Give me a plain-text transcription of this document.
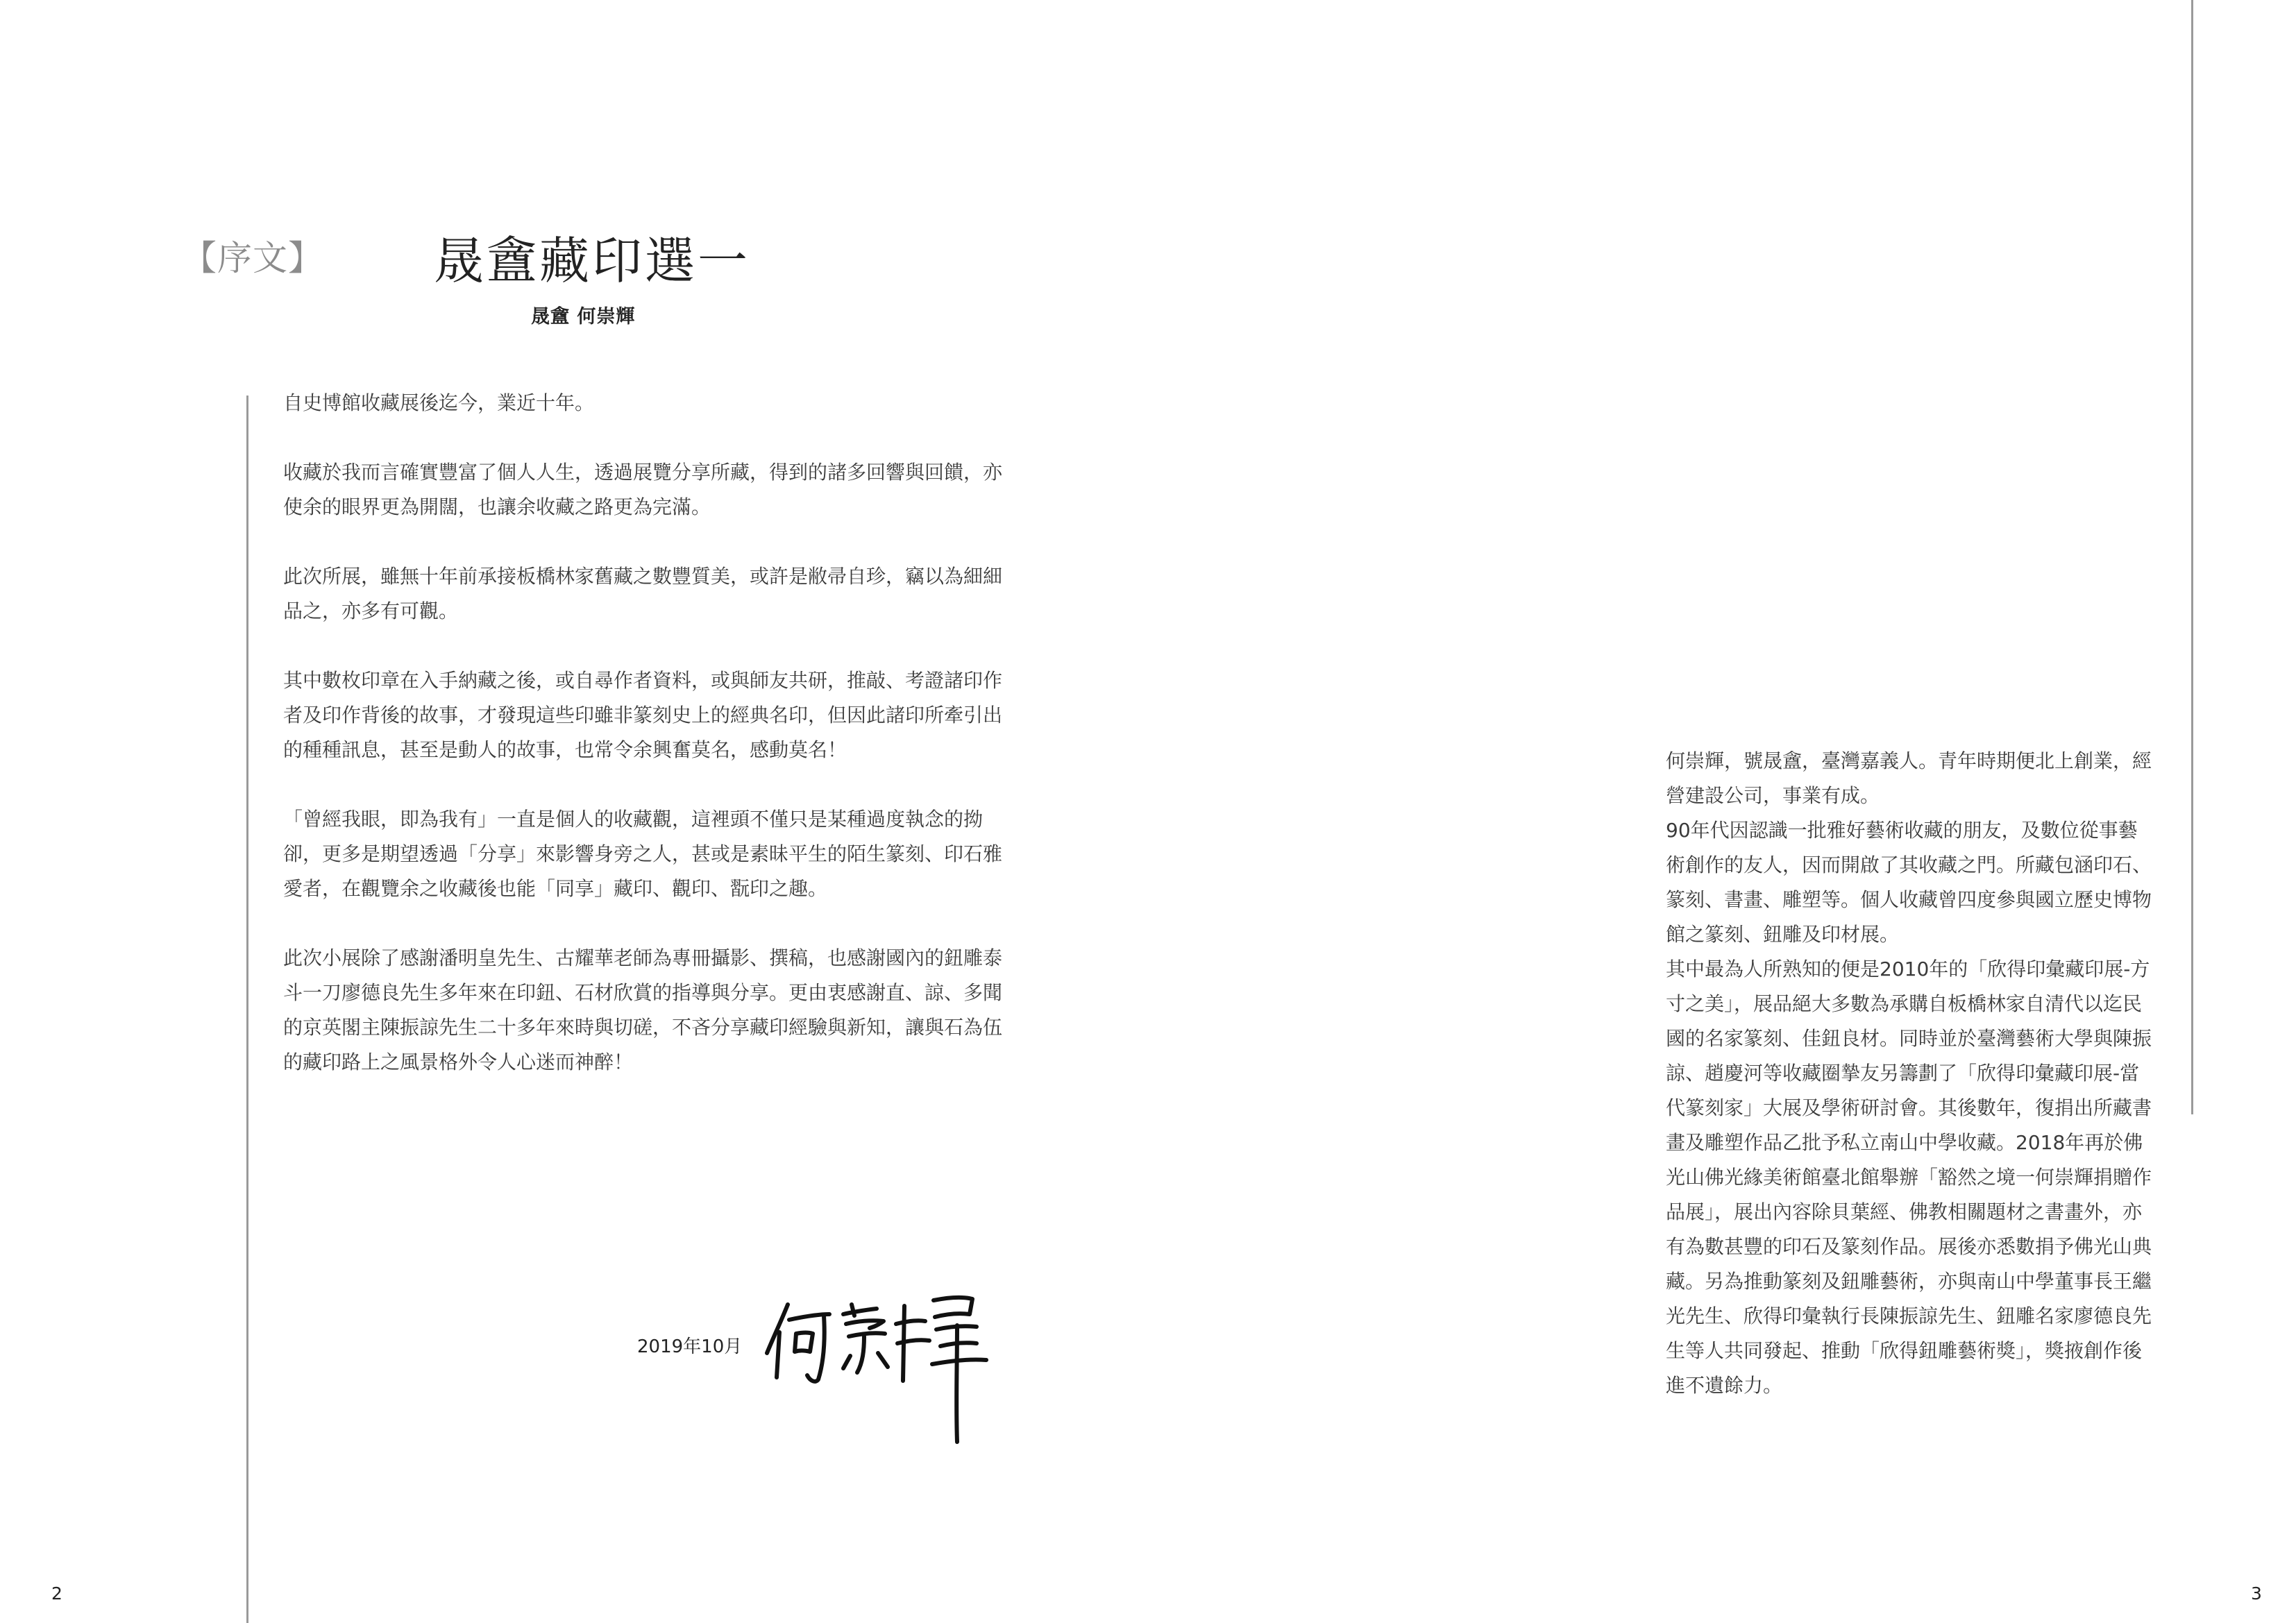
【序文】 晟盦藏印選一
晟盦 何崇輝

自史博館收藏展後迄今，業近十年。

收藏於我而言確實豐富了個人人生，透過展覽分享所藏，得到的諸多回響與回饋，亦使余的眼界更為開闊，也讓余收藏之路更為完滿。

此次所展，雖無十年前承接板橋林家舊藏之數豐質美，或許是敝帚自珍，竊以為細細品之，亦多有可觀。

其中數枚印章在入手納藏之後，或自尋作者資料，或與師友共研，推敲、考證諸印作者及印作背後的故事，才發現這些印雖非篆刻史上的經典名印，但因此諸印所牽引出的種種訊息，甚至是動人的故事，也常令余興奮莫名，感動莫名！

「曾經我眼，即為我有」一直是個人的收藏觀，這裡頭不僅只是某種過度執念的拗卻，更多是期望透過「分享」來影響身旁之人，甚或是素昧平生的陌生篆刻、印石雅愛者，在觀覽余之收藏後也能「同享」藏印、觀印、翫印之趣。

此次小展除了感謝潘明皇先生、古耀華老師為專冊攝影、撰稿，也感謝國內的鈕雕泰斗一刀廖德良先生多年來在印鈕、石材欣賞的指導與分享。更由衷感謝直、諒、多聞的京英閣主陳振諒先生二十多年來時與切磋，不吝分享藏印經驗與新知，讓與石為伍的藏印路上之風景格外令人心迷而神醉！

2019年10月

何崇輝，號晟盦，臺灣嘉義人。青年時期便北上創業，經營建設公司，事業有成。

90年代因認識一批雅好藝術收藏的朋友，及數位從事藝術創作的友人，因而開啟了其收藏之門。所藏包涵印石、篆刻、書畫、雕塑等。個人收藏曾四度參與國立歷史博物館之篆刻、鈕雕及印材展。

其中最為人所熟知的便是2010年的「欣得印彙藏印展-方寸之美」，展品絕大多數為承購自板橋林家自清代以迄民國的名家篆刻、佳鈕良材。同時並於臺灣藝術大學與陳振諒、趙慶河等收藏圈摯友另籌劃了「欣得印彙藏印展-當代篆刻家」大展及學術研討會。其後數年，復捐出所藏書畫及雕塑作品乙批予私立南山中學收藏。2018年再於佛光山佛光緣美術館臺北館舉辦「豁然之境一何崇輝捐贈作品展」，展出內容除貝葉經、佛教相關題材之書畫外，亦有為數甚豐的印石及篆刻作品。展後亦悉數捐予佛光山典藏。另為推動篆刻及鈕雕藝術，亦與南山中學董事長王繼光先生、欣得印彙執行長陳振諒先生、鈕雕名家廖德良先生等人共同發起、推動「欣得鈕雕藝術獎」，獎掖創作後進不遺餘力。

2	3
